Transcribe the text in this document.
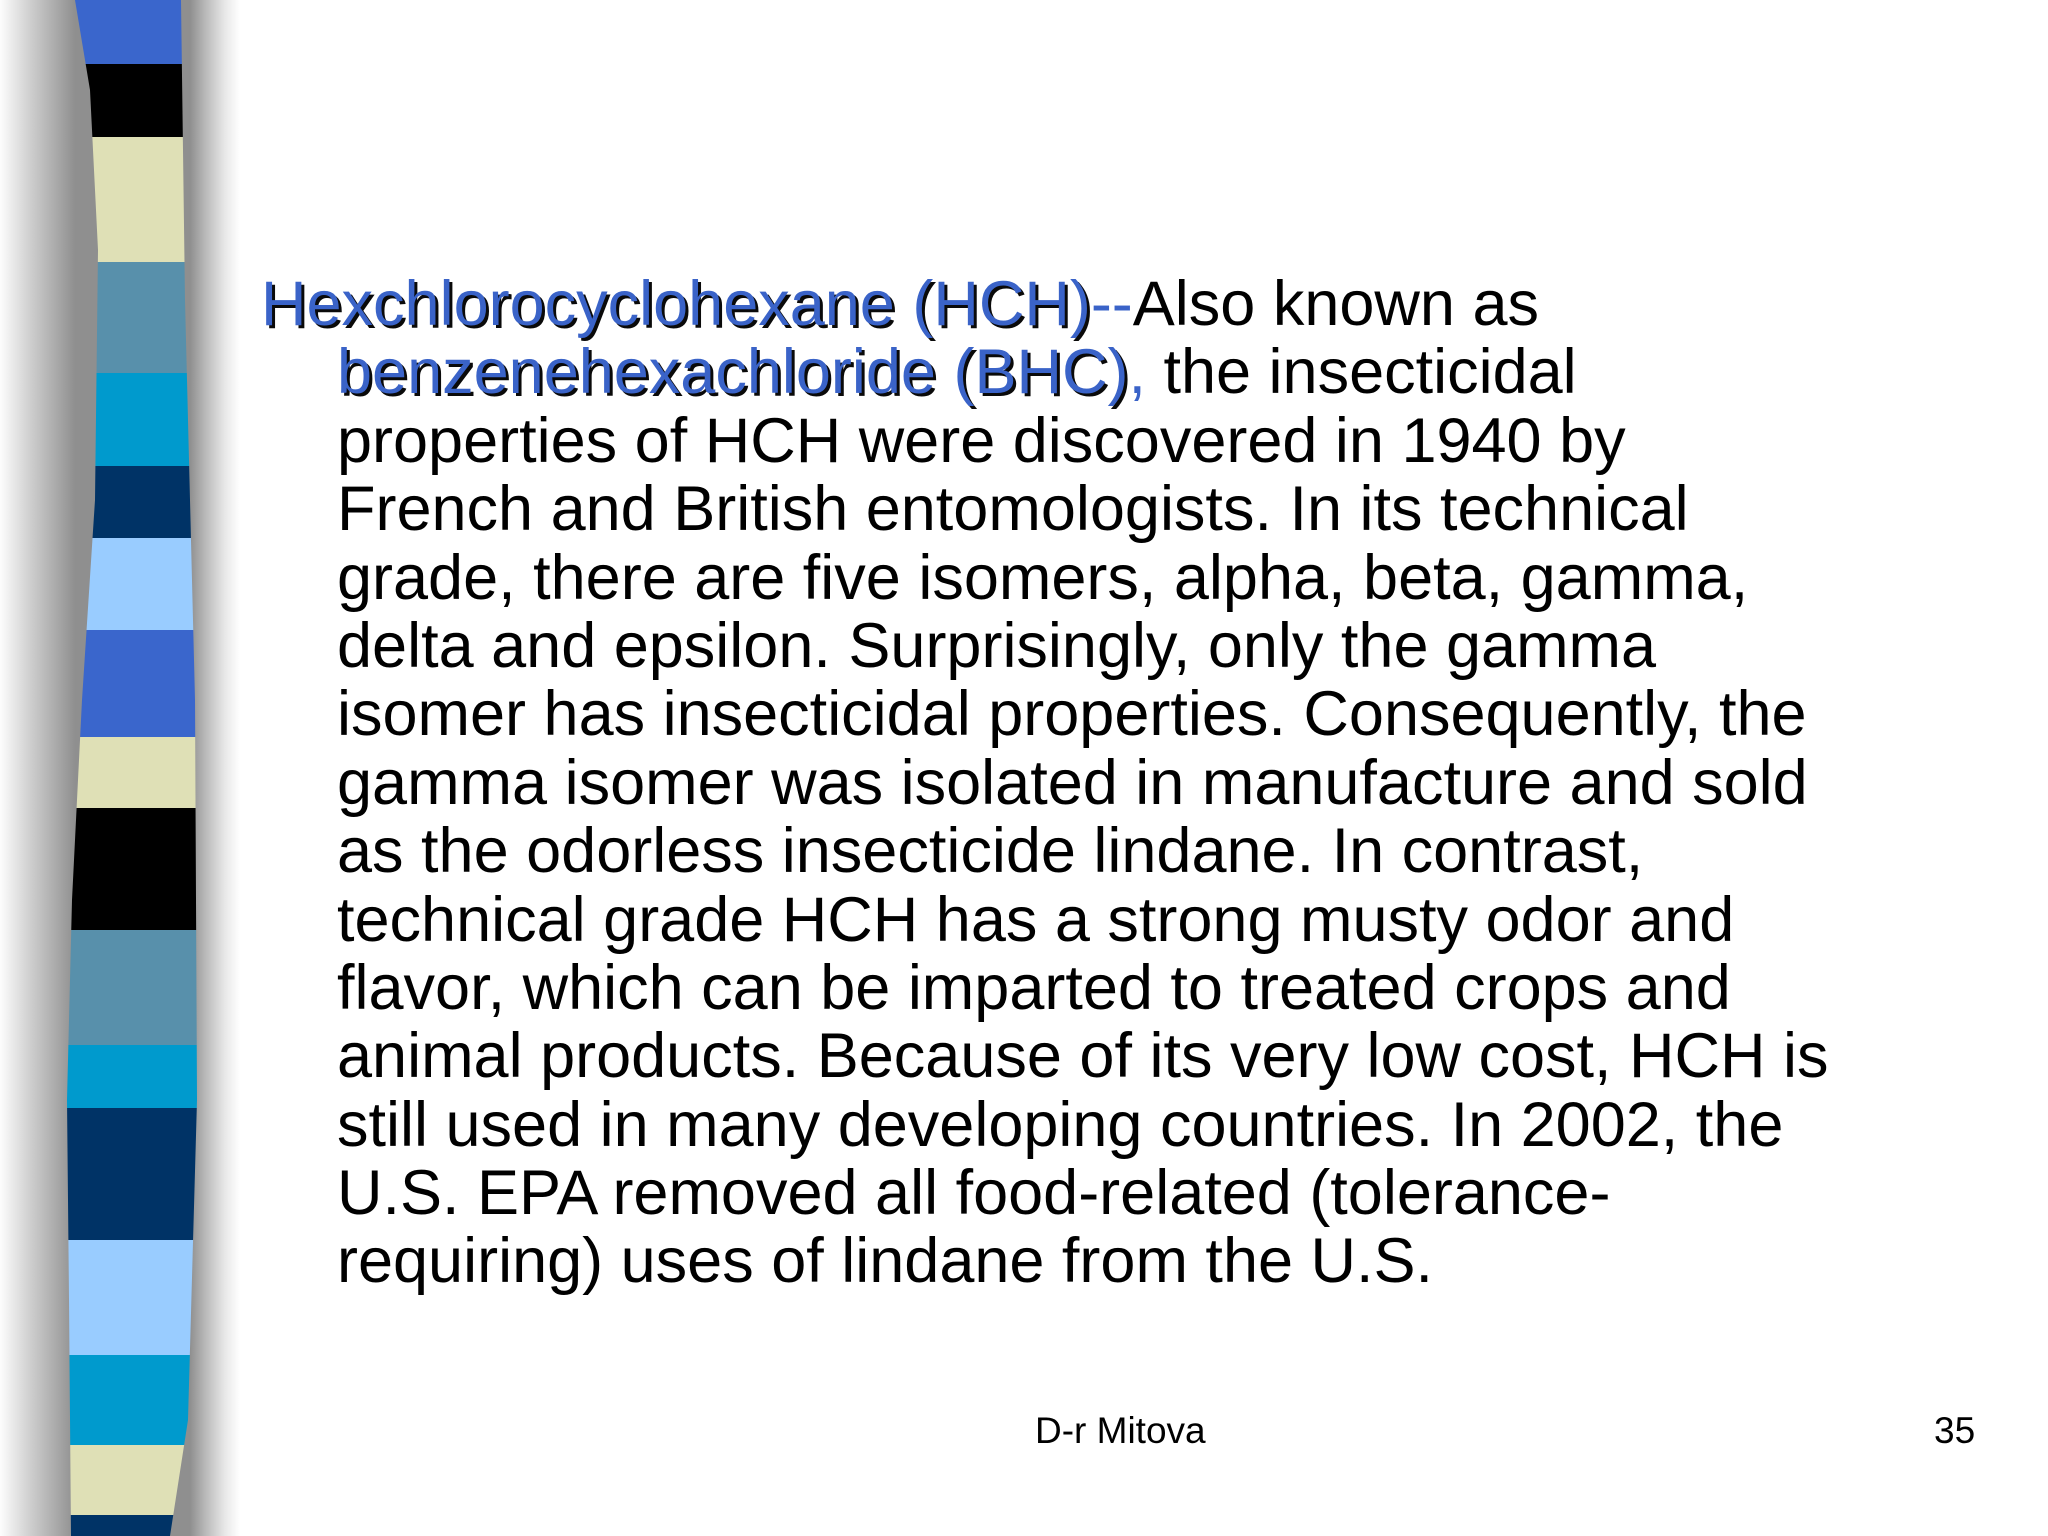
Hexchlorocyclohexane (HCH)--Also known as
benzenehexachloride (BHC), the insecticidal
properties of HCH were discovered in 1940 by
French and British entomologists. In its technical
grade, there are five isomers, alpha, beta, gamma,
delta and epsilon. Surprisingly, only the gamma
isomer has insecticidal properties. Consequently, the
gamma isomer was isolated in manufacture and sold
as the odorless insecticide lindane. In contrast,
technical grade HCH has a strong musty odor and
flavor, which can be imparted to treated crops and
animal products. Because of its very low cost, HCH is
still used in many developing countries. In 2002, the
U.S. EPA removed all food-related (tolerance-
requiring) uses of lindane from the U.S.
D-r Mitova	35
